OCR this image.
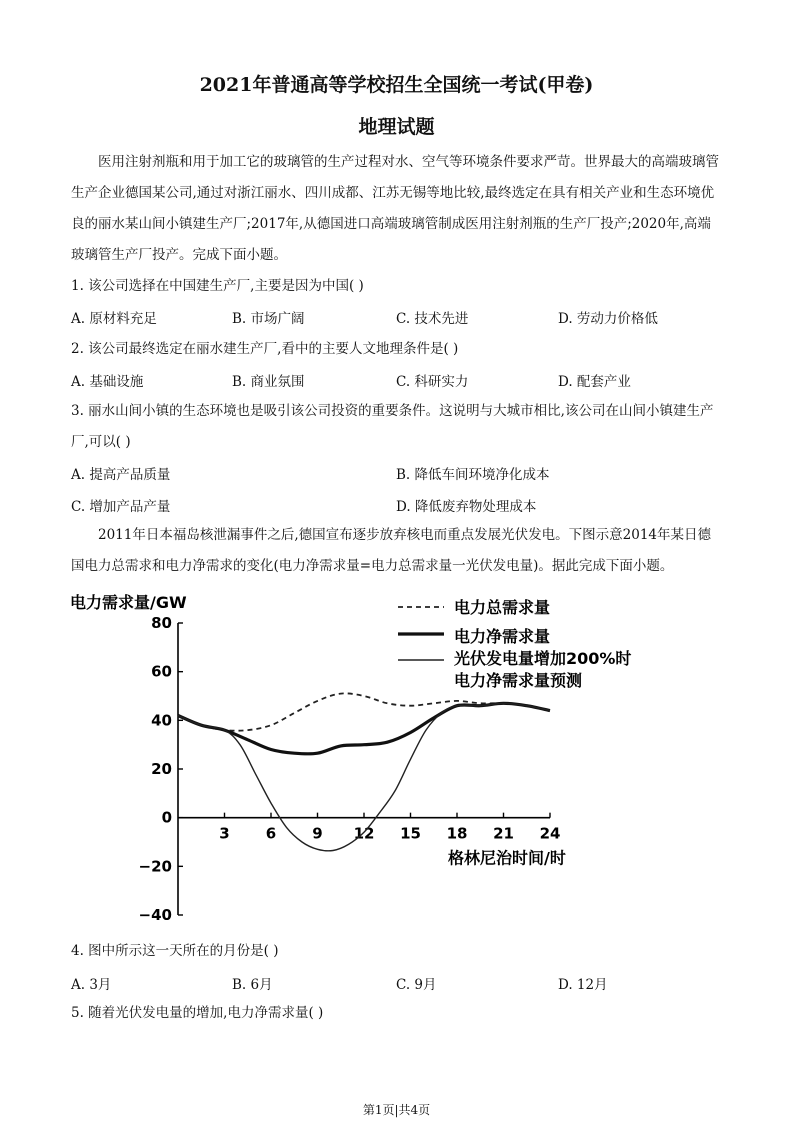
2021年普通高等学校招生全国统一考试(甲卷)
地理试题

医用注射剂瓶和用于加工它的玻璃管的生产过程对水、空气等环境条件要求严苛。世界最大的高端玻璃管生产企业德国某公司,通过对浙江丽水、四川成都、江苏无锡等地比较,最终选定在具有相关产业和生态环境优良的丽水某山间小镇建生产厂;2017年,从德国进口高端玻璃管制成医用注射剂瓶的生产厂投产;2020年,高端玻璃管生产厂投产。完成下面小题。

1. 该公司选择在中国建生产厂,主要是因为中国( )
A. 原材料充足	B. 市场广阔	C. 技术先进	D. 劳动力价格低
2. 该公司最终选定在丽水建生产厂,看中的主要人文地理条件是( )
A. 基础设施	B. 商业氛围	C. 科研实力	D. 配套产业
3. 丽水山间小镇的生态环境也是吸引该公司投资的重要条件。这说明与大城市相比,该公司在山间小镇建生产厂,可以( )
A. 提高产品质量	B. 降低车间环境净化成本
C. 增加产品产量	D. 降低废弃物处理成本

2011年日本福岛核泄漏事件之后,德国宣布逐步放弃核电而重点发展光伏发电。下图示意2014年某日德国电力总需求和电力净需求的变化(电力净需求量=电力总需求量一光伏发电量)。据此完成下面小题。

80
60
40
20
0
−20
−40
3 6 9 12 15 18 21 24
电力需求量/GW
格林尼治时间/时
电力总需求量
电力净需求量
光伏发电量增加200%时
电力净需求量预测
4. 图中所示这一天所在的月份是( )
A. 3月	B. 6月	C. 9月	D. 12月
5. 随着光伏发电量的增加,电力净需求量( )
第1页|共4页
